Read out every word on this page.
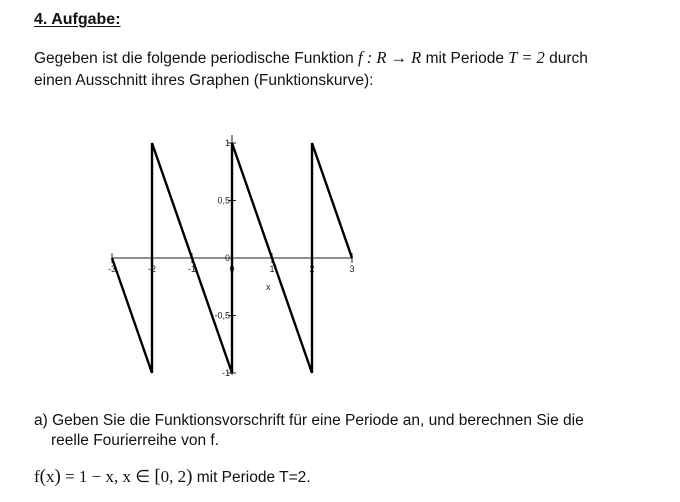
4. Aufgabe:
Gegeben ist die folgende periodische Funktion f : R → R mit Periode T = 2 durch
einen Ausschnitt ihres Graphen (Funktionskurve):
-3	-2	-1	0	1	2	3
1
0,5
0
-0,5
-1
x
a) Geben Sie die Funktionsvorschrift für eine Periode an, und berechnen Sie die
reelle Fourierreihe von f.
f(x) = 1 − x, x ∈ [0, 2) mit Periode T=2.
